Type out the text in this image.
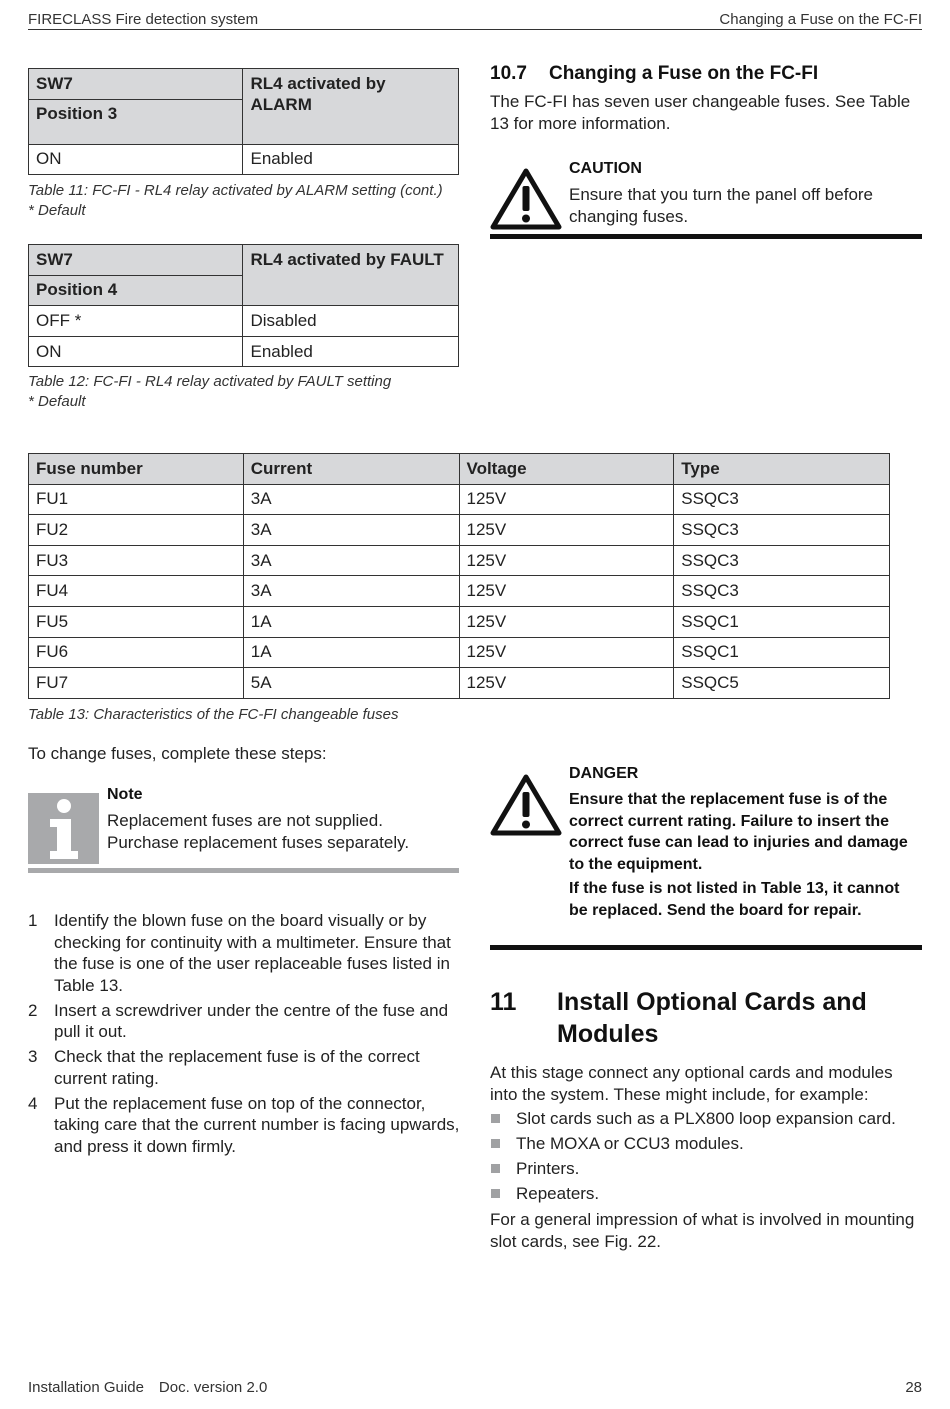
FIRECLASS Fire detection system	Changing a Fuse on the FC-FI
SW7	RL4 activated by ALARM
Position 3	
ON	Enabled
Table 11: FC-FI - RL4 relay activated by ALARM setting (cont.)
* Default
SW7	RL4 activated by FAULT
Position 4	
OFF *	Disabled
ON	Enabled
Table 12: FC-FI - RL4 relay activated by FAULT setting
* Default
10.7 Changing a Fuse on the FC-FI
The FC-FI has seven user changeable fuses. See Table 13 for more information.
CAUTION
Ensure that you turn the panel off before changing fuses.
Fuse number	Current	Voltage	Type
FU1	3A	125V	SSQC3
FU2	3A	125V	SSQC3
FU3	3A	125V	SSQC3
FU4	3A	125V	SSQC3
FU5	1A	125V	SSQC1
FU6	1A	125V	SSQC1
FU7	5A	125V	SSQC5
Table 13: Characteristics of the FC-FI changeable fuses
To change fuses, complete these steps:
Note
Replacement fuses are not supplied. Purchase replacement fuses separately.
1 Identify the blown fuse on the board visually or by checking for continuity with a multimeter. Ensure that the fuse is one of the user replaceable fuses listed in Table 13.
2 Insert a screwdriver under the centre of the fuse and pull it out.
3 Check that the replacement fuse is of the correct current rating.
4 Put the replacement fuse on top of the connector, taking care that the current number is facing upwards, and press it down firmly.
DANGER
Ensure that the replacement fuse is of the correct current rating. Failure to insert the correct fuse can lead to injuries and damage to the equipment.
If the fuse is not listed in Table 13, it cannot be replaced. Send the board for repair.
11 Install Optional Cards and Modules
At this stage connect any optional cards and modules into the system. These might include, for example:
Slot cards such as a PLX800 loop expansion card.
The MOXA or CCU3 modules.
Printers.
Repeaters.
For a general impression of what is involved in mounting slot cards, see Fig. 22.
Installation Guide Doc. version 2.0	28
